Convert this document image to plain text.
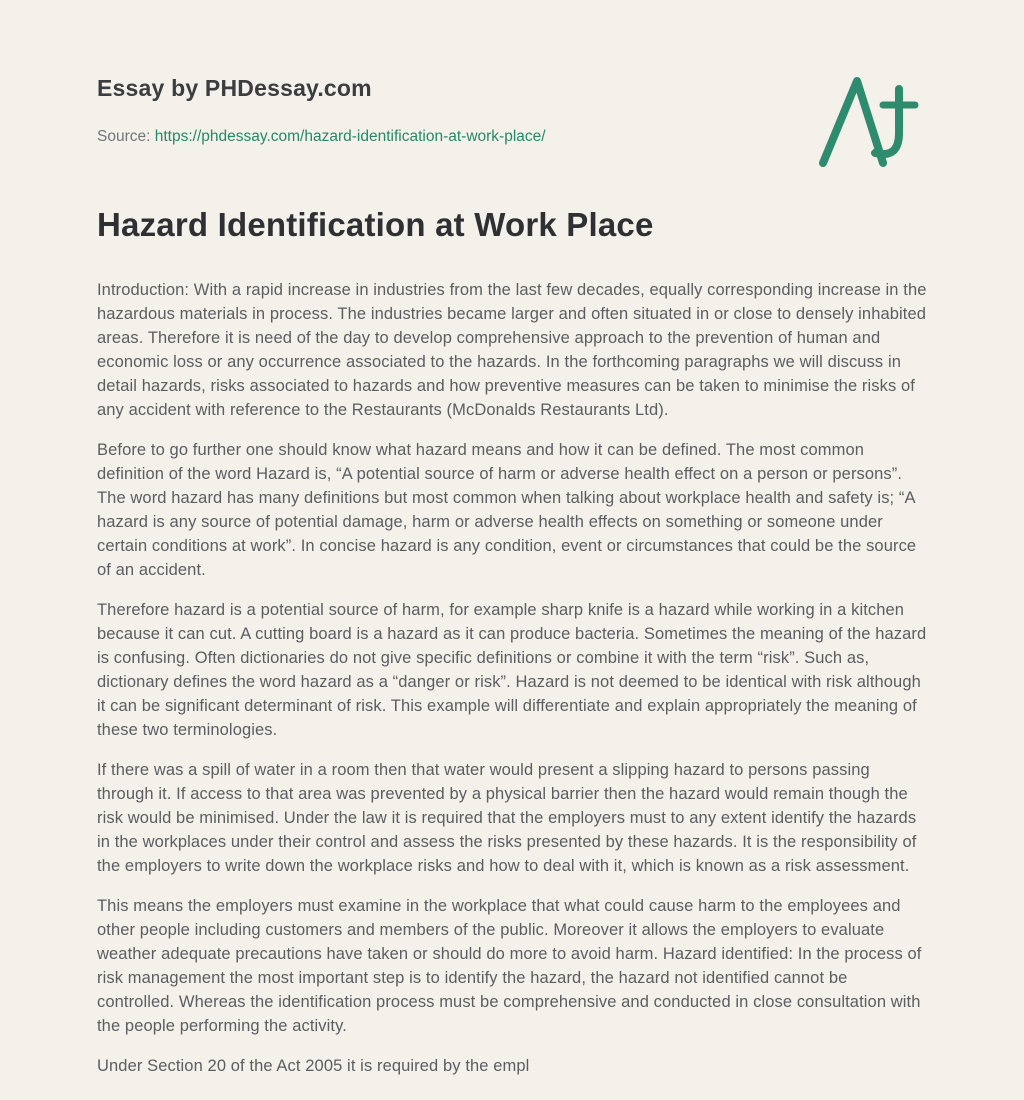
Essay by PHDessay.com
Source: https://phdessay.com/hazard-identification-at-work-place/
Hazard Identification at Work Place

Introduction: With a rapid increase in industries from the last few decades, equally corresponding increase in the hazardous materials in process. The industries became larger and often situated in or close to densely inhabited areas. Therefore it is need of the day to develop comprehensive approach to the prevention of human and economic loss or any occurrence associated to the hazards. In the forthcoming paragraphs we will discuss in detail hazards, risks associated to hazards and how preventive measures can be taken to minimise the risks of any accident with reference to the Restaurants (McDonalds Restaurants Ltd).

Before to go further one should know what hazard means and how it can be defined. The most common definition of the word Hazard is, “A potential source of harm or adverse health effect on a person or persons”. The word hazard has many definitions but most common when talking about workplace health and safety is; “A hazard is any source of potential damage, harm or adverse health effects on something or someone under certain conditions at work”. In concise hazard is any condition, event or circumstances that could be the source of an accident.

Therefore hazard is a potential source of harm, for example sharp knife is a hazard while working in a kitchen because it can cut. A cutting board is a hazard as it can produce bacteria. Sometimes the meaning of the hazard is confusing. Often dictionaries do not give specific definitions or combine it with the term “risk”. Such as, dictionary defines the word hazard as a “danger or risk”. Hazard is not deemed to be identical with risk although it can be significant determinant of risk. This example will differentiate and explain appropriately the meaning of these two terminologies.

If there was a spill of water in a room then that water would present a slipping hazard to persons passing through it. If access to that area was prevented by a physical barrier then the hazard would remain though the risk would be minimised. Under the law it is required that the employers must to any extent identify the hazards in the workplaces under their control and assess the risks presented by these hazards. It is the responsibility of the employers to write down the workplace risks and how to deal with it, which is known as a risk assessment.

This means the employers must examine in the workplace that what could cause harm to the employees and other people including customers and members of the public. Moreover it allows the employers to evaluate weather adequate precautions have taken or should do more to avoid harm. Hazard identified: In the process of risk management the most important step is to identify the hazard, the hazard not identified cannot be controlled. Whereas the identification process must be comprehensive and conducted in close consultation with the people performing the activity.

Under Section 20 of the Act 2005 it is required by the empl
